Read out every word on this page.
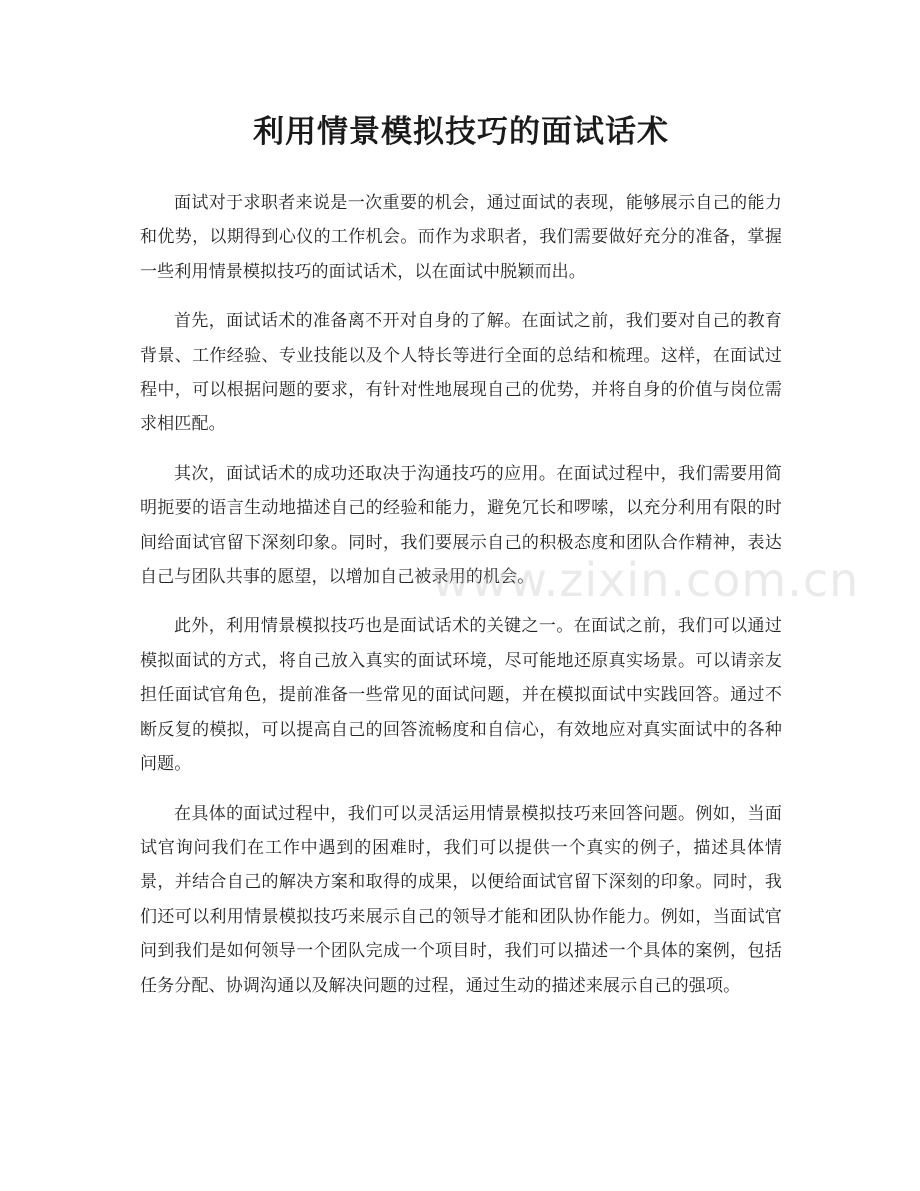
利用情景模拟技巧的面试话术

面试对于求职者来说是一次重要的机会，通过面试的表现，能够展示自己的能力和优势，以期得到心仪的工作机会。而作为求职者，我们需要做好充分的准备，掌握一些利用情景模拟技巧的面试话术，以在面试中脱颖而出。

首先，面试话术的准备离不开对自身的了解。在面试之前，我们要对自己的教育背景、工作经验、专业技能以及个人特长等进行全面的总结和梳理。这样，在面试过程中，可以根据问题的要求，有针对性地展现自己的优势，并将自身的价值与岗位需求相匹配。

其次，面试话术的成功还取决于沟通技巧的应用。在面试过程中，我们需要用简明扼要的语言生动地描述自己的经验和能力，避免冗长和啰嗦，以充分利用有限的时间给面试官留下深刻印象。同时，我们要展示自己的积极态度和团队合作精神，表达自己与团队共事的愿望，以增加自己被录用的机会。

此外，利用情景模拟技巧也是面试话术的关键之一。在面试之前，我们可以通过模拟面试的方式，将自己放入真实的面试环境，尽可能地还原真实场景。可以请亲友担任面试官角色，提前准备一些常见的面试问题，并在模拟面试中实践回答。通过不断反复的模拟，可以提高自己的回答流畅度和自信心，有效地应对真实面试中的各种问题。

在具体的面试过程中，我们可以灵活运用情景模拟技巧来回答问题。例如，当面试官询问我们在工作中遇到的困难时，我们可以提供一个真实的例子，描述具体情景，并结合自己的解决方案和取得的成果，以便给面试官留下深刻的印象。同时，我们还可以利用情景模拟技巧来展示自己的领导才能和团队协作能力。例如，当面试官问到我们是如何领导一个团队完成一个项目时，我们可以描述一个具体的案例，包括任务分配、协调沟通以及解决问题的过程，通过生动的描述来展示自己的强项。

www.zixin.com.cn
